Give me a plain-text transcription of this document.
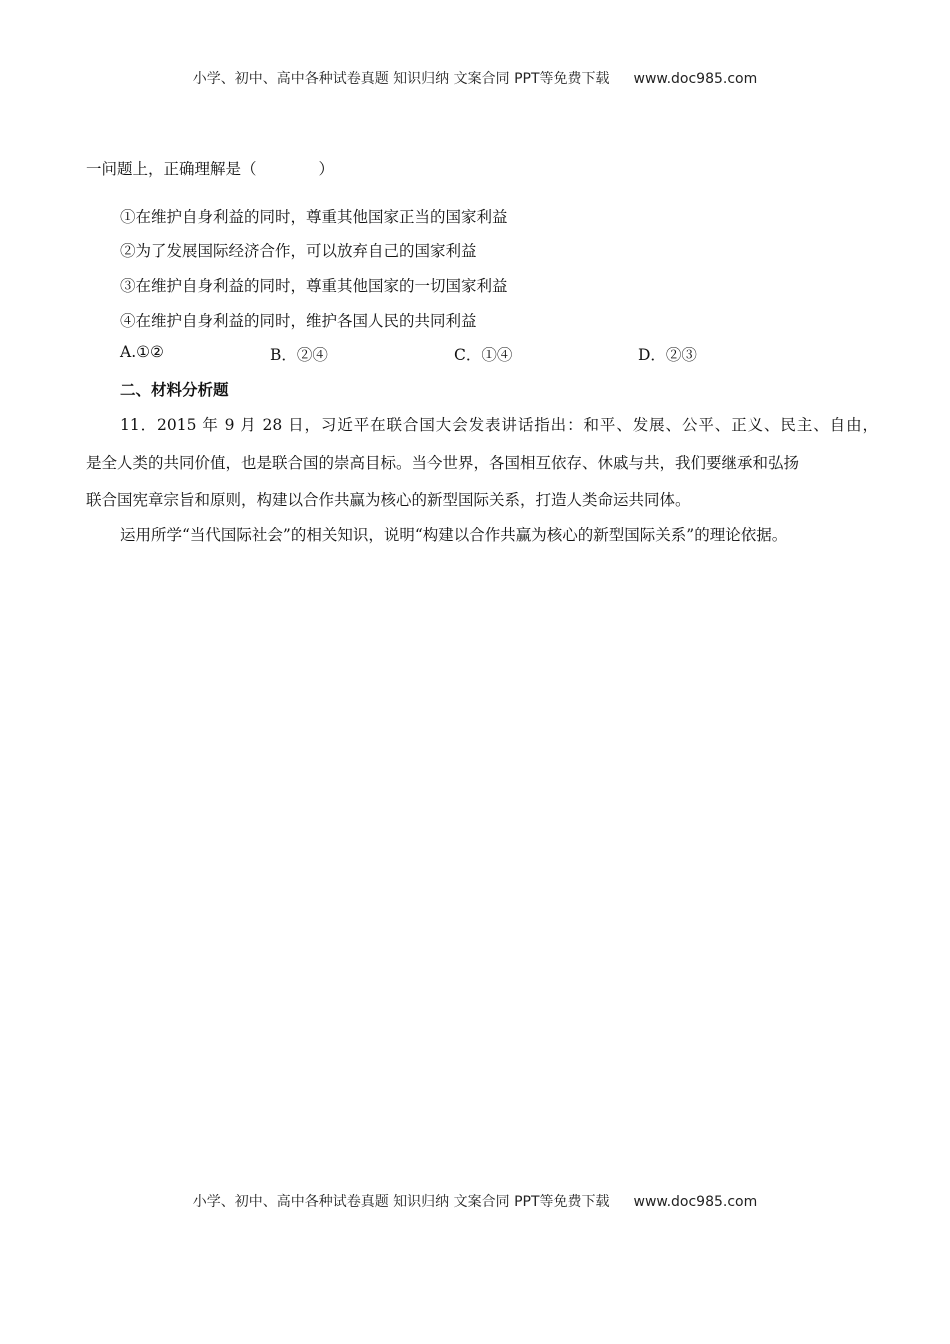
小学、初中、高中各种试卷真题 知识归纳 文案合同 PPT等免费下载 www.doc985.com
一问题上，正确理解是（　　　　）
①在维护自身利益的同时，尊重其他国家正当的国家利益
②为了发展国际经济合作，可以放弃自己的国家利益
③在维护自身利益的同时，尊重其他国家的一切国家利益
④在维护自身利益的同时，维护各国人民的共同利益
A.①②	B．②④	C．①④	D．②③
二、材料分析题
11．2015 年 9 月 28 日，习近平在联合国大会发表讲话指出：和平、发展、公平、正义、民主、自由，
是全人类的共同价值，也是联合国的崇高目标。当今世界，各国相互依存、休戚与共，我们要继承和弘扬
联合国宪章宗旨和原则，构建以合作共赢为核心的新型国际关系，打造人类命运共同体。
运用所学“当代国际社会”的相关知识，说明“构建以合作共赢为核心的新型国际关系”的理论依据。
小学、初中、高中各种试卷真题 知识归纳 文案合同 PPT等免费下载 www.doc985.com
